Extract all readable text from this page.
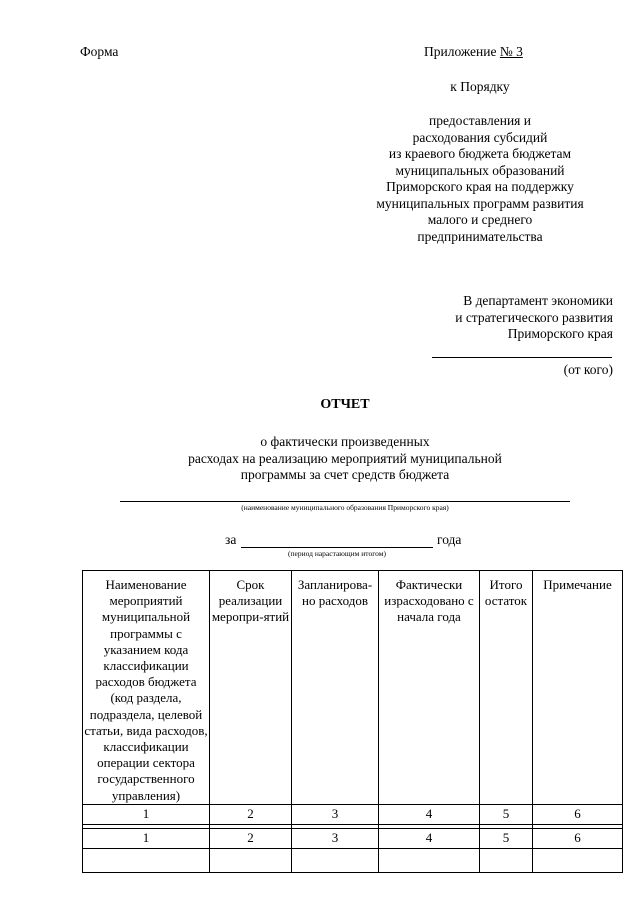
Форма	Приложение № 3
к Порядку
предоставления и
расходования субсидий
из краевого бюджета бюджетам
муниципальных образований
Приморского края на поддержку
муниципальных программ развития
малого и среднего
предпринимательства
В департамент экономики
и стратегического развития
Приморского края
(от кого)
ОТЧЕТ
о фактически произведенных
расходах на реализацию мероприятий муниципальной
программы за счет средств бюджета
(наименование муниципального образования Приморского края)
за	года
(период нарастающим итогом)
Наименование мероприятий муниципальной программы с указанием кода классификации расходов бюджета (код раздела, подраздела, целевой статьи, вида расходов, классификации операции сектора государственного управления)	Срок реализации меропри-ятий	Запланирова-но расходов	Фактически израсходовано с начала года	Итого остаток	Примечание
1	2	3	4	5	6

1	2	3	4	5	6
